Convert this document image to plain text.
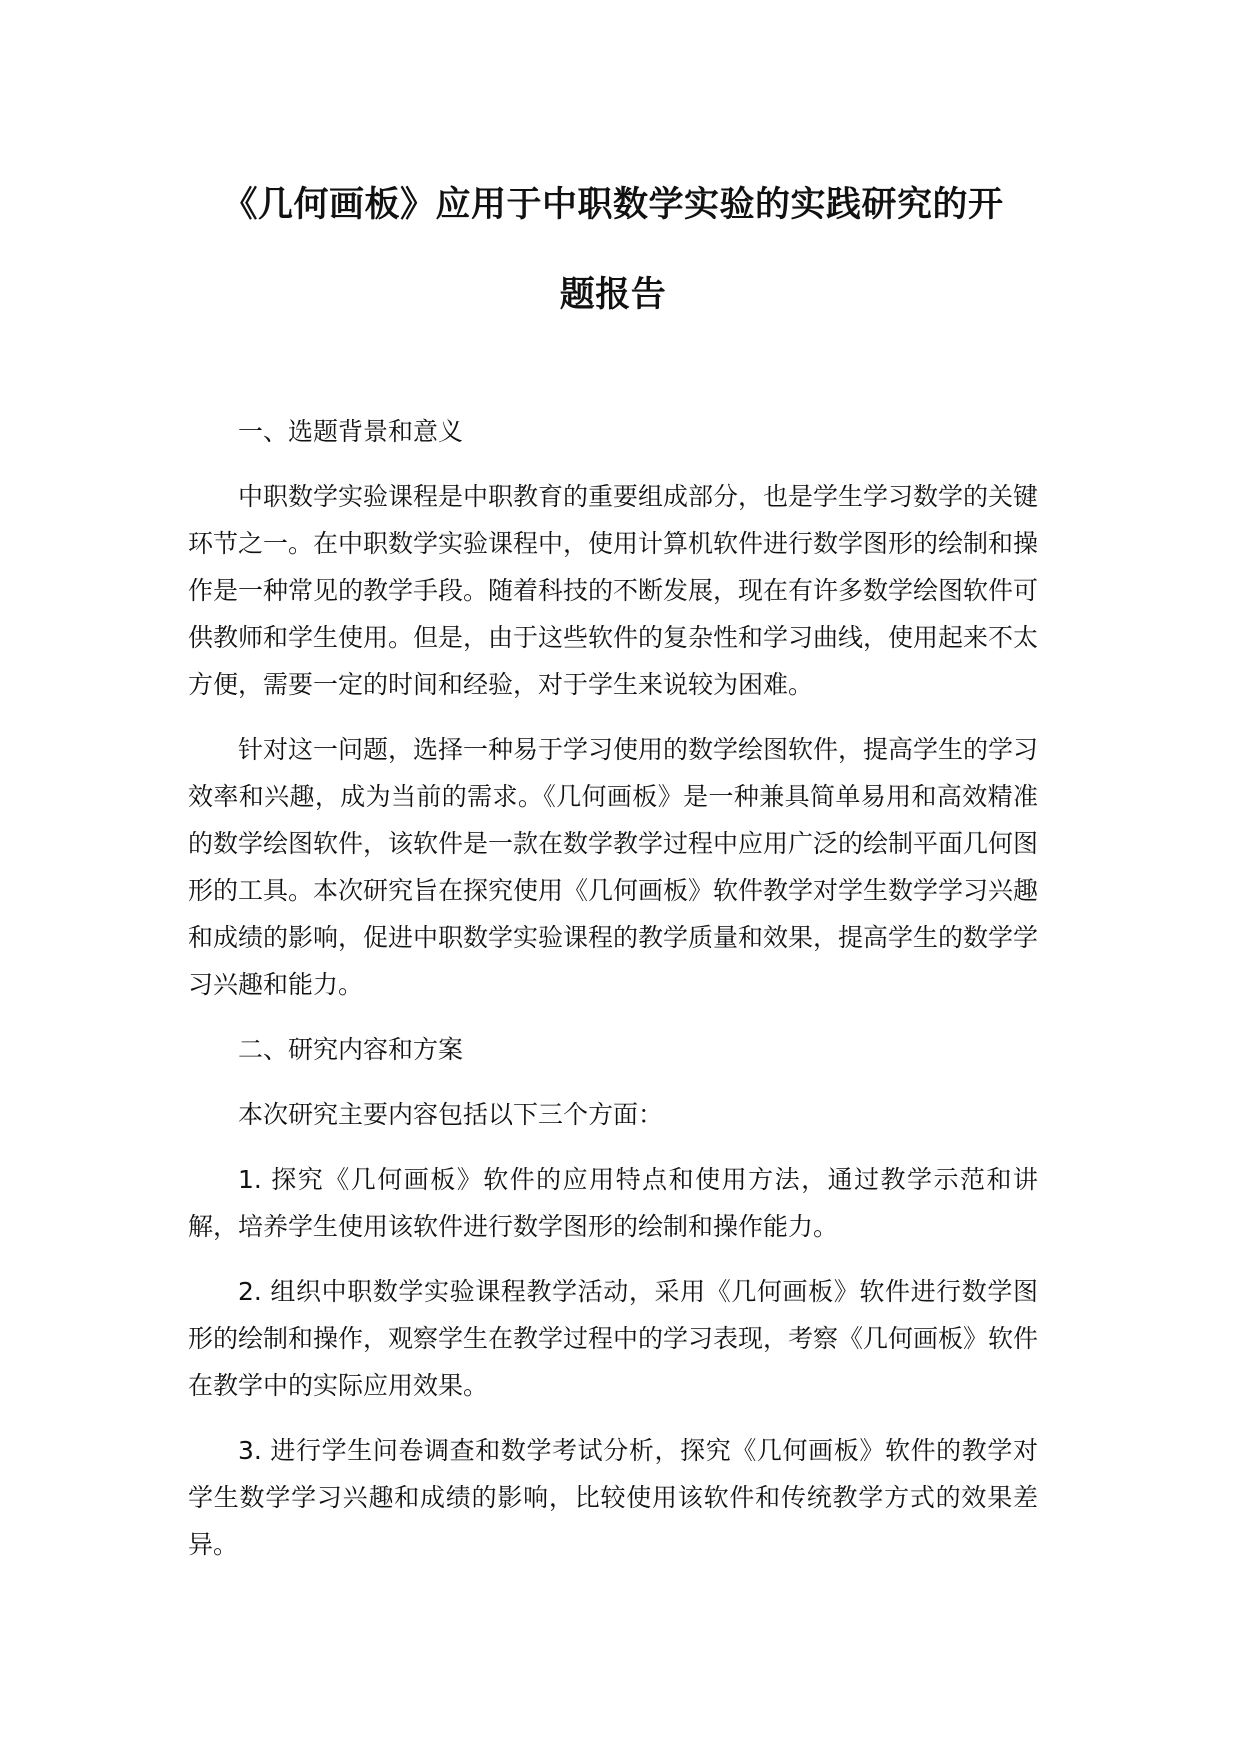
《几何画板》应用于中职数学实验的实践研究的开
题报告

一、选题背景和意义

中职数学实验课程是中职教育的重要组成部分，也是学生学习数学的关键环节之一。在中职数学实验课程中，使用计算机软件进行数学图形的绘制和操作是一种常见的教学手段。随着科技的不断发展，现在有许多数学绘图软件可供教师和学生使用。但是，由于这些软件的复杂性和学习曲线，使用起来不太方便，需要一定的时间和经验，对于学生来说较为困难。

针对这一问题，选择一种易于学习使用的数学绘图软件，提高学生的学习效率和兴趣，成为当前的需求。《几何画板》是一种兼具简单易用和高效精准的数学绘图软件，该软件是一款在数学教学过程中应用广泛的绘制平面几何图形的工具。本次研究旨在探究使用《几何画板》软件教学对学生数学学习兴趣和成绩的影响，促进中职数学实验课程的教学质量和效果，提高学生的数学学习兴趣和能力。

二、研究内容和方案

本次研究主要内容包括以下三个方面：

1. 探究《几何画板》软件的应用特点和使用方法，通过教学示范和讲解，培养学生使用该软件进行数学图形的绘制和操作能力。

2. 组织中职数学实验课程教学活动，采用《几何画板》软件进行数学图形的绘制和操作，观察学生在教学过程中的学习表现，考察《几何画板》软件在教学中的实际应用效果。

3. 进行学生问卷调查和数学考试分析，探究《几何画板》软件的教学对学生数学学习兴趣和成绩的影响，比较使用该软件和传统教学方式的效果差异。
